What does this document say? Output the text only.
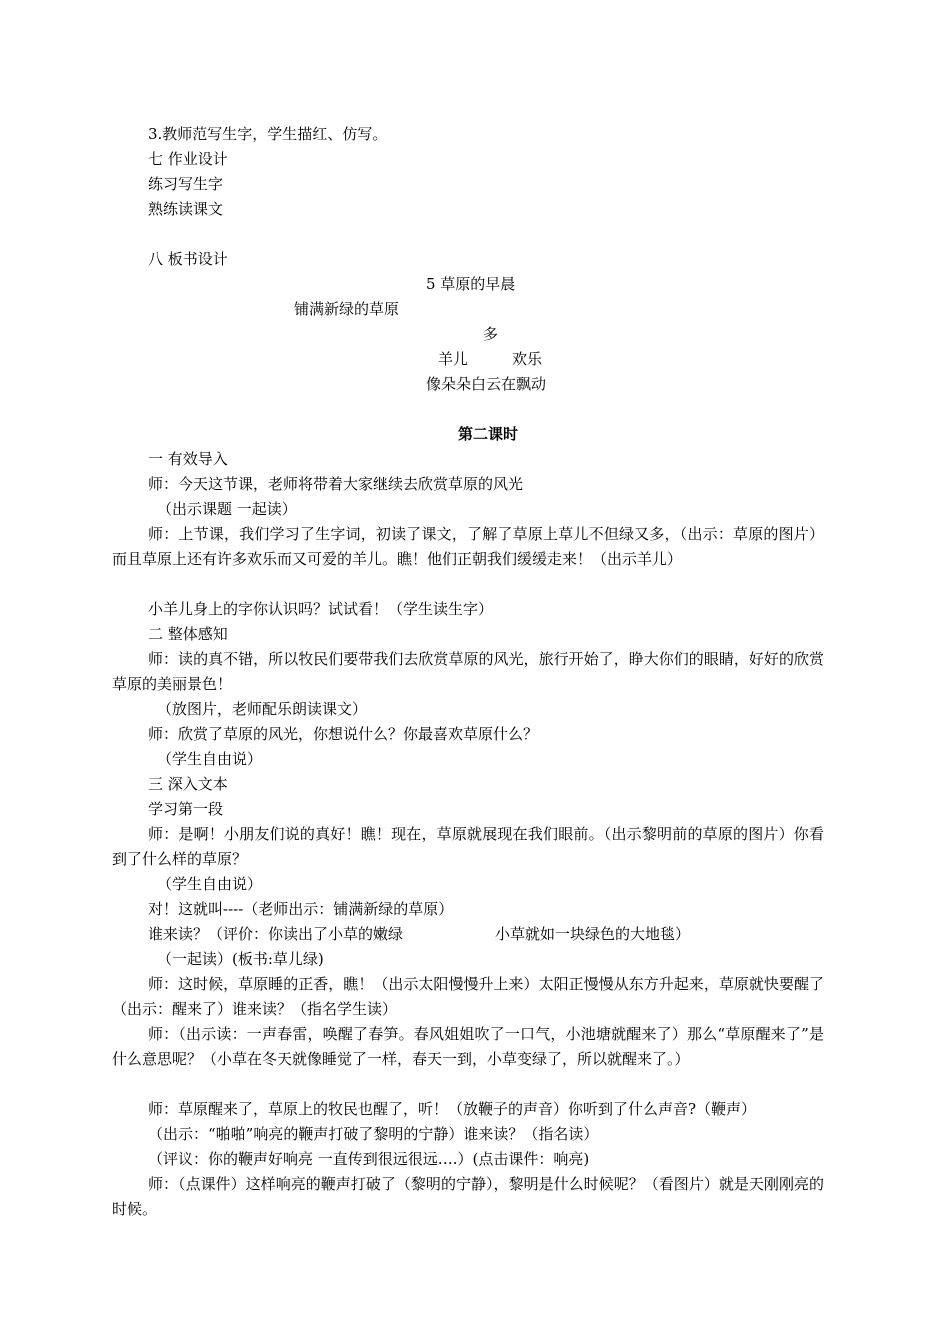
3.教师范写生字，学生描红、仿写。
七 作业设计
练习写生字
熟练读课文
八 板书设计
5 草原的早晨
铺满新绿的草原
多
羊儿	欢乐
像朵朵白云在飘动
第二课时
一 有效导入
师：今天这节课，老师将带着大家继续去欣赏草原的风光
（出示课题 一起读）
师：上节课，我们学习了生字词，初读了课文，了解了草原上草儿不但绿又多，（出示：草原的图片）而且草原上还有许多欢乐而又可爱的羊儿。瞧！他们正朝我们缓缓走来！（出示羊儿）
小羊儿身上的字你认识吗？试试看！（学生读生字）
二 整体感知
师：读的真不错，所以牧民们要带我们去欣赏草原的风光，旅行开始了，睁大你们的眼睛，好好的欣赏草原的美丽景色！
（放图片，老师配乐朗读课文）
师：欣赏了草原的风光，你想说什么？你最喜欢草原什么？
（学生自由说）
三 深入文本
学习第一段
师：是啊！小朋友们说的真好！瞧！现在，草原就展现在我们眼前。（出示黎明前的草原的图片）你看到了什么样的草原？
（学生自由说）
对！这就叫----（老师出示：铺满新绿的草原）
谁来读？（评价：你读出了小草的嫩绿	小草就如一块绿色的大地毯）
（一起读）(板书:草儿绿)
师：这时候，草原睡的正香，瞧！（出示太阳慢慢升上来）太阳正慢慢从东方升起来，草原就快要醒了（出示：醒来了）谁来读？（指名学生读）
师：（出示读：一声春雷，唤醒了春笋。春风姐姐吹了一口气，小池塘就醒来了）那么“草原醒来了”是什么意思呢？（小草在冬天就像睡觉了一样，春天一到，小草变绿了，所以就醒来了。）
师：草原醒来了，草原上的牧民也醒了，听！（放鞭子的声音）你听到了什么声音?（鞭声）
（出示：“啪啪”响亮的鞭声打破了黎明的宁静）谁来读？（指名读）
（评议：你的鞭声好响亮 一直传到很远很远….）(点击课件：响亮)
师：（点课件）这样响亮的鞭声打破了（黎明的宁静），黎明是什么时候呢？（看图片）就是天刚刚亮的时候。
